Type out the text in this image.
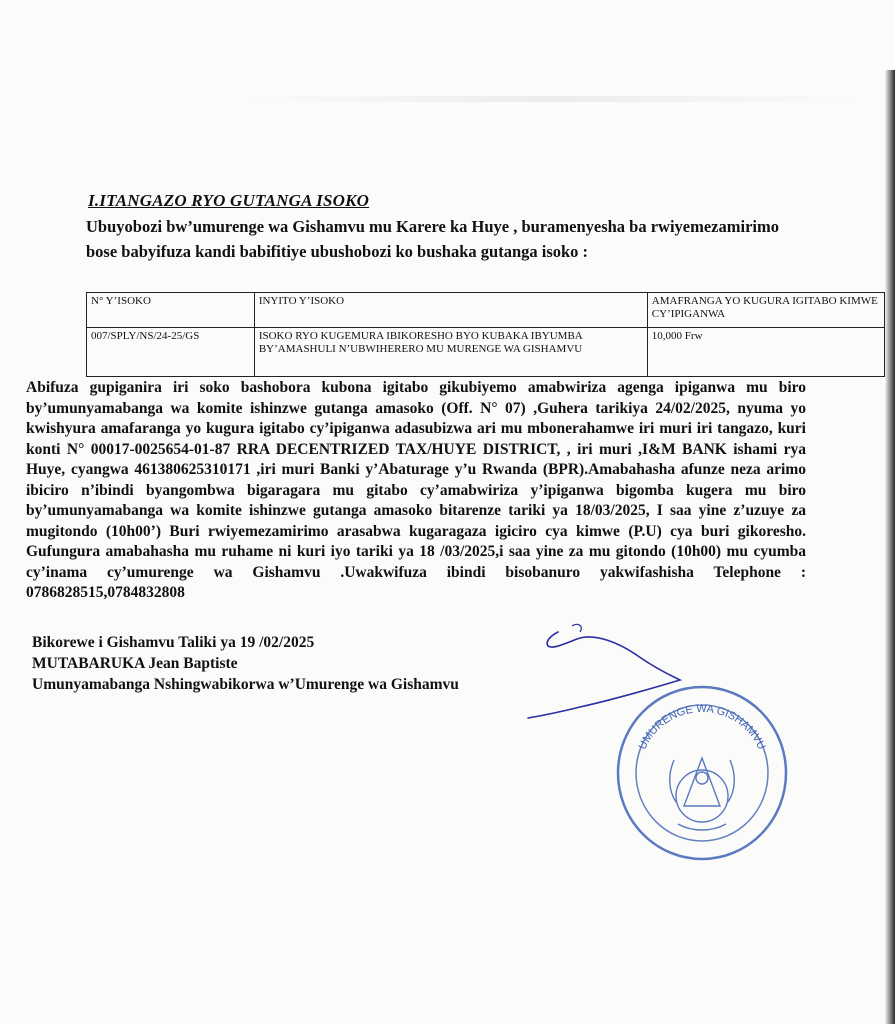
I.ITANGAZO RYO GUTANGA ISOKO
Ubuyobozi bw’umurenge wa Gishamvu mu Karere ka Huye , buramenyesha ba rwiyemezamirimo bose babyifuza kandi babifitiye ubushobozi ko bushaka gutanga isoko :
N° Y’ISOKO	INYITO Y’ISOKO	AMAFRANGA YO KUGURA IGITABO KIMWE CY’IPIGANWA
007/SPLY/NS/24-25/GS	ISOKO RYO KUGEMURA IBIKORESHO BYO KUBAKA IBYUMBA BY’AMASHULI N’UBWIHERERO MU MURENGE WA GISHAMVU	10,000 Frw
Abifuza gupiganira iri soko bashobora kubona igitabo gikubiyemo amabwiriza agenga ipiganwa mu biro by’umunyamabanga wa komite ishinzwe gutanga amasoko (Off. N° 07) ,Guhera tarikiya 24/02/2025, nyuma yo kwishyura amafaranga yo kugura igitabo cy’ipiganwa adasubizwa ari mu mbonerahamwe iri muri iri tangazo, kuri konti N° 00017-0025654-01-87 RRA DECENTRIZED TAX/HUYE DISTRICT, , iri muri ,I&M BANK ishami rya Huye, cyangwa 461380625310171 ,iri muri Banki y’Abaturage y’u Rwanda (BPR).Amabahasha afunze neza arimo ibiciro n’ibindi byangombwa bigaragara mu gitabo cy’amabwiriza y’ipiganwa bigomba kugera mu biro by’umunyamabanga wa komite ishinzwe gutanga amasoko bitarenze tariki ya 18/03/2025, I saa yine z’uzuye za mugitondo (10h00’) Buri rwiyemezamirimo arasabwa kugaragaza igiciro cya kimwe (P.U) cya buri gikoresho. Gufungura amabahasha mu ruhame ni kuri iyo tariki ya 18 /03/2025,i saa yine za mu gitondo (10h00) mu cyumba cy’inama cy’umurenge wa Gishamvu .Uwakwifuza ibindi bisobanuro yakwifashisha Telephone : 0786828515,0784832808
Bikorewe i Gishamvu Taliki ya 19 /02/2025
MUTABARUKA Jean Baptiste
Umunyamabanga Nshingwabikorwa w’Umurenge wa Gishamvu
UMURENGE WA GISHAMVU
